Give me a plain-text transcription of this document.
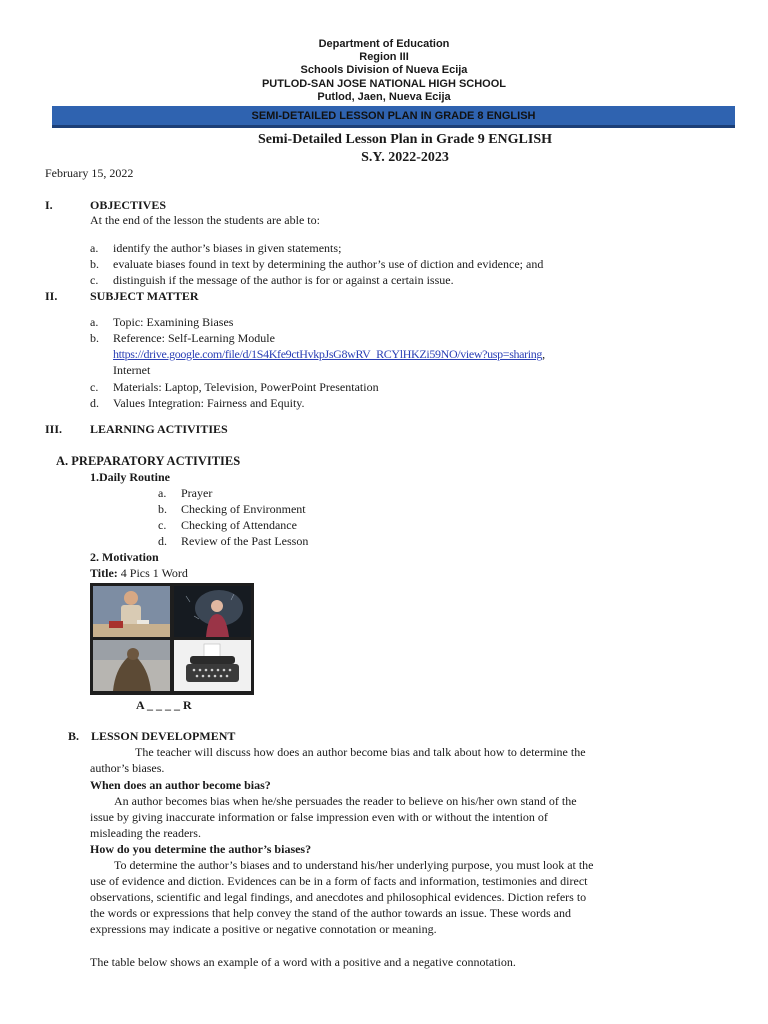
Department of Education
Region III
Schools Division of Nueva Ecija
PUTLOD-SAN JOSE NATIONAL HIGH SCHOOL
Putlod, Jaen, Nueva Ecija
SEMI-DETAILED LESSON PLAN IN GRADE 8 ENGLISH
Semi-Detailed Lesson Plan in Grade 9 ENGLISH
S.Y. 2022-2023
February 15, 2022
I.	OBJECTIVES
At the end of the lesson the students are able to:
a. identify the author’s biases in given statements;
b. evaluate biases found in text by determining the author’s use of diction and evidence; and
c. distinguish if the message of the author is for or against a certain issue.
II.	SUBJECT MATTER
a. Topic: Examining Biases
b. Reference: Self-Learning Module
https://drive.google.com/file/d/1S4Kfe9ctHvkpJsG8wRV_RCYlHKZi59NO/view?usp=sharing,
Internet
c. Materials: Laptop, Television, PowerPoint Presentation
d. Values Integration: Fairness and Equity.
III. LEARNING ACTIVITIES
A. PREPARATORY ACTIVITIES
1.Daily Routine
a. Prayer
b. Checking of Environment
c. Checking of Attendance
d. Review of the Past Lesson
2. Motivation
Title: 4 Pics 1 Word
A _ _ _ _ R
B. LESSON DEVELOPMENT
The teacher will discuss how does an author become bias and talk about how to determine the
author’s biases.
When does an author become bias?
An author becomes bias when he/she persuades the reader to believe on his/her own stand of the
issue by giving inaccurate information or false impression even with or without the intention of
misleading the readers.
How do you determine the author’s biases?
To determine the author’s biases and to understand his/her underlying purpose, you must look at the
use of evidence and diction. Evidences can be in a form of facts and information, testimonies and direct
observations, scientific and legal findings, and anecdotes and philosophical evidences. Diction refers to
the words or expressions that help convey the stand of the author towards an issue. These words and
expressions may indicate a positive or negative connotation or meaning.
The table below shows an example of a word with a positive and a negative connotation.
